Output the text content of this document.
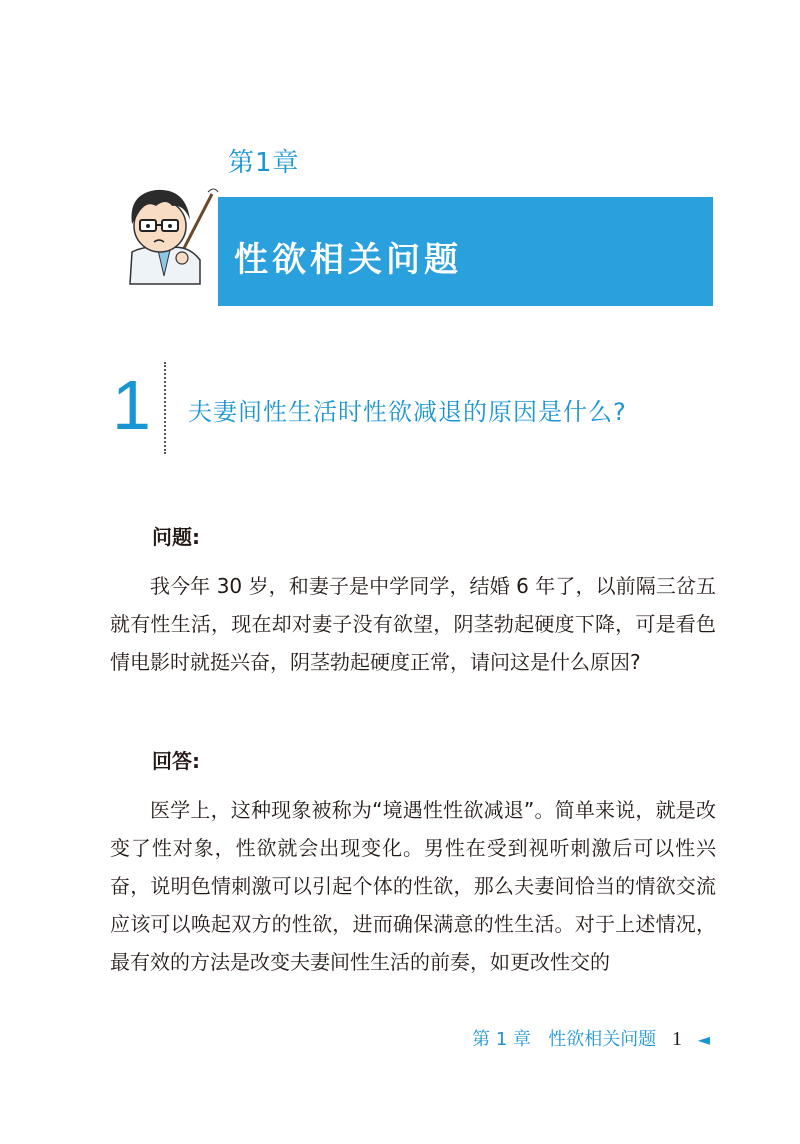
第1章
性欲相关问题
1 夫妻间性生活时性欲减退的原因是什么?
问题:

我今年 30 岁，和妻子是中学同学，结婚 6 年了，以前隔三岔五就有性生活，现在却对妻子没有欲望，阴茎勃起硬度下降，可是看色情电影时就挺兴奋，阴茎勃起硬度正常，请问这是什么原因?

回答:

医学上，这种现象被称为“境遇性性欲减退”。简单来说，就是改变了性对象，性欲就会出现变化。男性在受到视听刺激后可以性兴奋，说明色情刺激可以引起个体的性欲，那么夫妻间恰当的情欲交流应该可以唤起双方的性欲，进而确保满意的性生活。对于上述情况，最有效的方法是改变夫妻间性生活的前奏，如更改性交的

第 1 章 性欲相关问题 1 ◄
